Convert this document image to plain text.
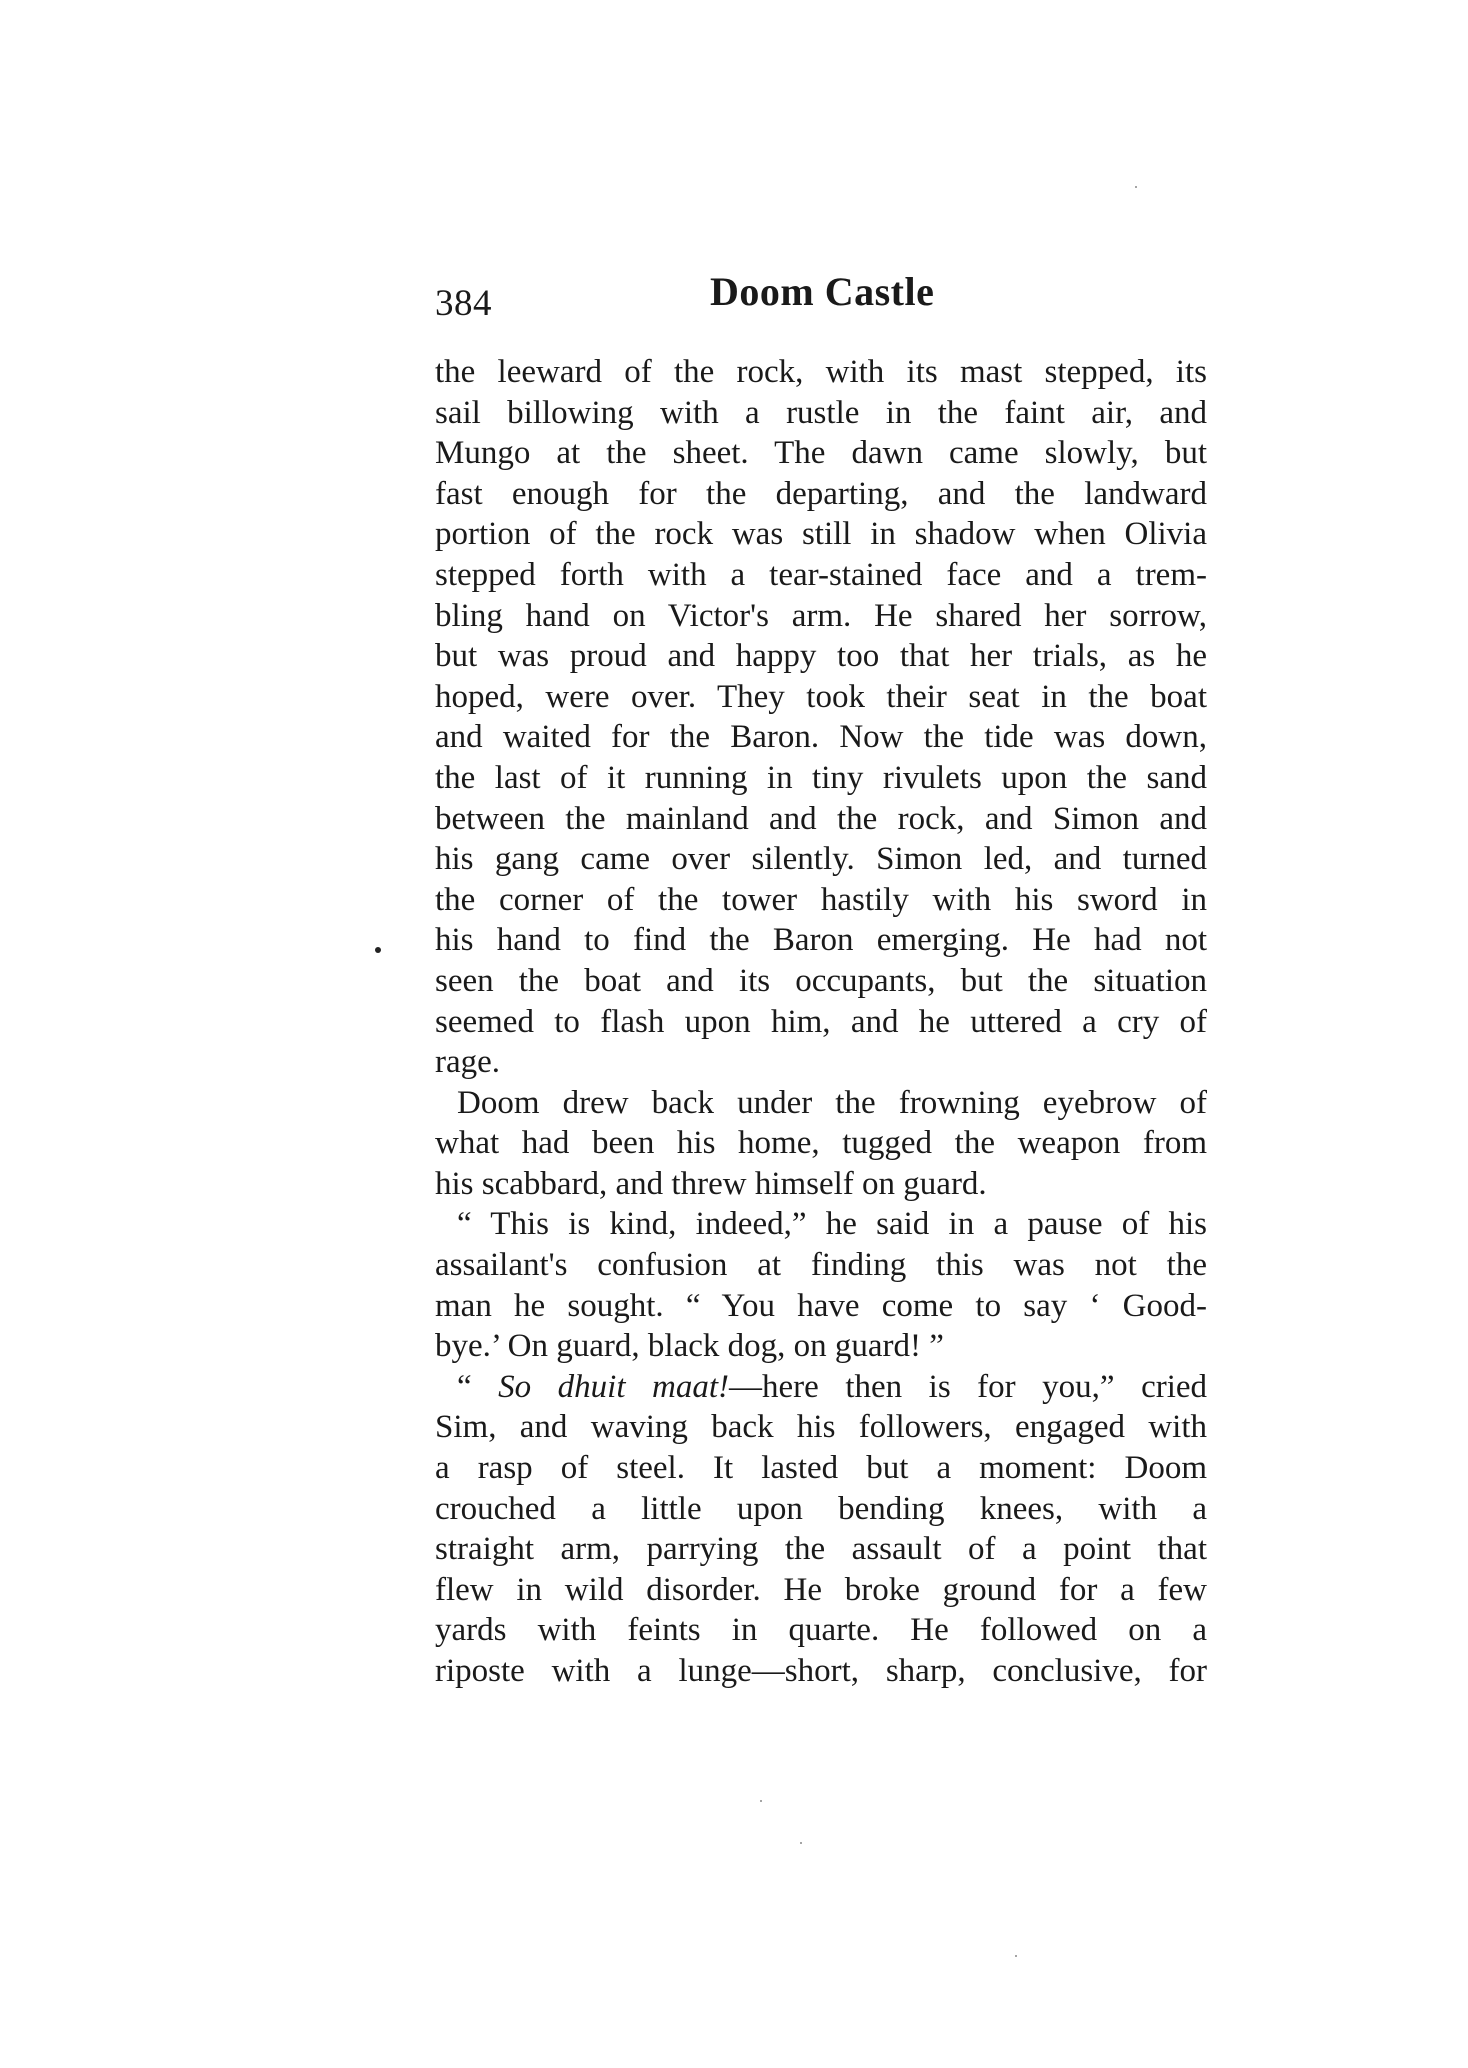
384	Doom Castle
the leeward of the rock, with its mast stepped, its
sail billowing with a rustle in the faint air, and
Mungo at the sheet. The dawn came slowly, but
fast enough for the departing, and the landward
portion of the rock was still in shadow when Olivia
stepped forth with a tear-stained face and a trem-
bling hand on Victor's arm. He shared her sorrow,
but was proud and happy too that her trials, as he
hoped, were over. They took their seat in the boat
and waited for the Baron. Now the tide was down,
the last of it running in tiny rivulets upon the sand
between the mainland and the rock, and Simon and
his gang came over silently. Simon led, and turned
the corner of the tower hastily with his sword in
his hand to find the Baron emerging. He had not
seen the boat and its occupants, but the situation
seemed to flash upon him, and he uttered a cry of
rage.
Doom drew back under the frowning eyebrow of
what had been his home, tugged the weapon from
his scabbard, and threw himself on guard.
“ This is kind, indeed,” he said in a pause of his
assailant's confusion at finding this was not the
man he sought. “ You have come to say ‘ Good-
bye.’ On guard, black dog, on guard! ”
“ So dhuit maat!—here then is for you,” cried
Sim, and waving back his followers, engaged with
a rasp of steel. It lasted but a moment: Doom
crouched a little upon bending knees, with a
straight arm, parrying the assault of a point that
flew in wild disorder. He broke ground for a few
yards with feints in quarte. He followed on a
riposte with a lunge—short, sharp, conclusive, for
